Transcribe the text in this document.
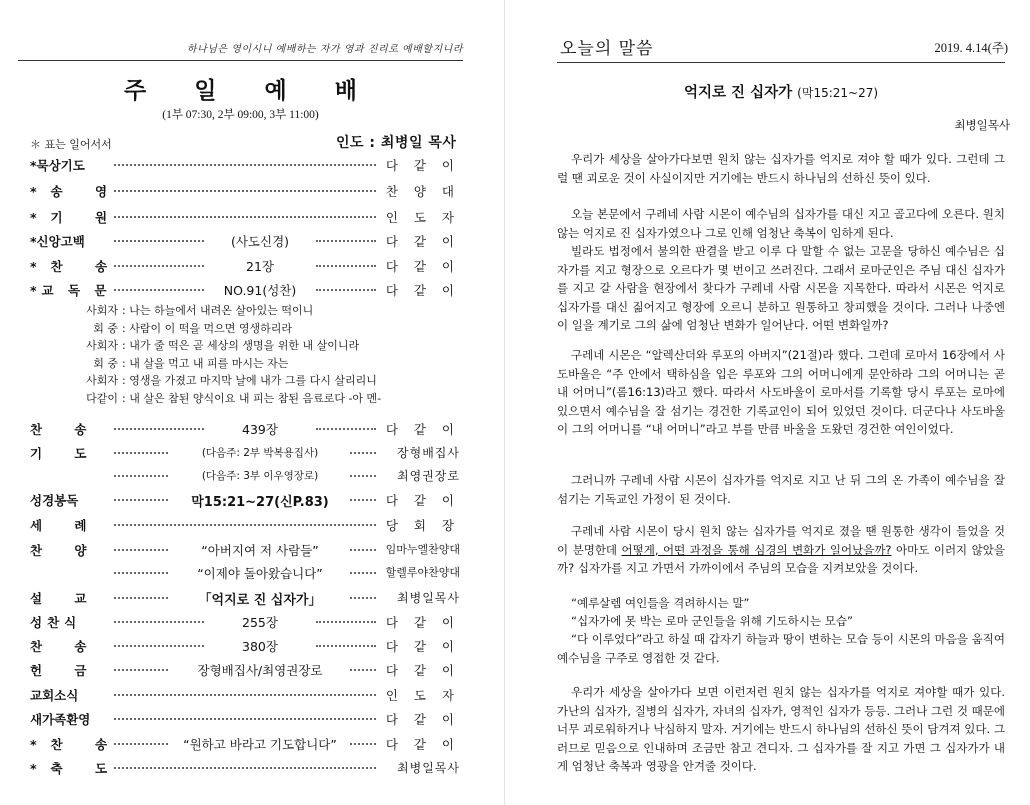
하나님은 영이시니 예배하는 자가 영과 진리로 예배할지니라
주 일 예 배
(1부 07:30, 2부 09:00, 3부 11:00)
＊ 표는 일어서서	인도 : 최병일 목사
*묵상기도	다 같 이
*송 영	찬 양 대
*기 원	인 도 자
*신앙고백	(사도신경)	다 같 이
*찬 송	21장	다 같 이
*교 독 문	NO.91(성찬)	다 같 이
사회자 : 나는 하늘에서 내려온 살아있는 떡이니
회 중 : 사람이 이 떡을 먹으면 영생하리라
사회자 : 내가 줄 떡은 곧 세상의 생명을 위한 내 살이니라
회 중 : 내 살을 먹고 내 피를 마시는 자는
사회자 : 영생을 가졌고 마지막 날에 내가 그를 다시 살리리니
다같이 : 내 살은 참된 양식이요 내 피는 참된 음료로다 -아 멘-
찬 송	439장	다 같 이
기 도	(다음주: 2부 박복용집사)	장형배집사
(다음주: 3부 이우영장로)	최영권장로
성경봉독	막15:21~27(신P.83)	다 같 이
세 례	당 회 장
찬 양	“아버지여 저 사람들”	임마누엘찬양대
“이제야 돌아왔습니다”	할렐루야찬양대
설 교	「억지로 진 십자가」	최병일목사
성찬식	255장	다 같 이
찬 송	380장	다 같 이
헌 금	장형배집사/최영권장로	다 같 이
교회소식	인 도 자
새가족환영	다 같 이
*찬 송	“원하고 바라고 기도합니다”	다 같 이
*축 도	최병일목사
오늘의 말씀	2019. 4.14(주)
억지로 진 십자가 (막15:21~27)
최병일목사

우리가 세상을 살아가다보면 원치 않는 십자가를 억지로 져야 할 때가 있다. 그런데 그럴 땐 괴로운 것이 사실이지만 거기에는 반드시 하나님의 선하신 뜻이 있다.

오늘 본문에서 구레네 사람 시몬이 예수님의 십자가를 대신 지고 골고다에 오른다. 원치 않는 억지로 진 십자가였으나 그로 인해 엄청난 축복이 임하게 된다.

빌라도 법정에서 불의한 판결을 받고 이루 다 말할 수 없는 고문을 당하신 예수님은 십자가를 지고 형장으로 오르다가 몇 번이고 쓰러진다. 그래서 로마군인은 주님 대신 십자가를 지고 갈 사람을 현장에서 찾다가 구레네 사람 시몬을 지목한다. 따라서 시몬은 억지로 십자가를 대신 짊어지고 형장에 오르니 분하고 원통하고 창피했을 것이다. 그러나 나중엔 이 일을 계기로 그의 삶에 엄청난 변화가 일어난다. 어떤 변화일까?

구레네 시몬은 “알렉산더와 루포의 아버지”(21절)라 했다. 그런데 로마서 16장에서 사도바울은 “주 안에서 택하심을 입은 루포와 그의 어머니에게 문안하라 그의 어머니는 곧 내 어머니”(롬16:13)라고 했다. 따라서 사도바울이 로마서를 기록할 당시 루포는 로마에 있으면서 예수님을 잘 섬기는 경건한 기록교인이 되어 있었던 것이다. 더군다나 사도바울이 그의 어머니를 “내 어머니”라고 부를 만큼 바울을 도왔던 경건한 여인이었다.

그러니까 구레네 사람 시몬이 십자가를 억지로 지고 난 뒤 그의 온 가족이 예수님을 잘 섬기는 기독교인 가정이 된 것이다.

구레네 사람 시몬이 당시 원치 않는 십자가를 억지로 졌을 땐 원통한 생각이 들었을 것이 분명한데 어떻게, 어떤 과정을 통해 심경의 변화가 일어났을까? 아마도 이러지 않았을까? 십자가를 지고 가면서 가까이에서 주님의 모습을 지켜보았을 것이다.

“예루살렘 여인들을 격려하시는 말”

“십자가에 못 박는 로마 군인들을 위해 기도하시는 모습”

“다 이루었다”라고 하실 때 갑자기 하늘과 땅이 변하는 모습 등이 시몬의 마음을 움직여 예수님을 구주로 영접한 것 같다.

우리가 세상을 살아가다 보면 이런저런 원치 않는 십자가를 억지로 져야할 때가 있다. 가난의 십자가, 질병의 십자가, 자녀의 십자가, 영적인 십자가 등등. 그러나 그런 것 때문에 너무 괴로워하거나 낙심하지 말자. 거기에는 반드시 하나님의 선하신 뜻이 담겨져 있다. 그러므로 믿음으로 인내하며 조금만 참고 견디자. 그 십자가를 잘 지고 가면 그 십자가가 내게 엄청난 축복과 영광을 안겨줄 것이다.
